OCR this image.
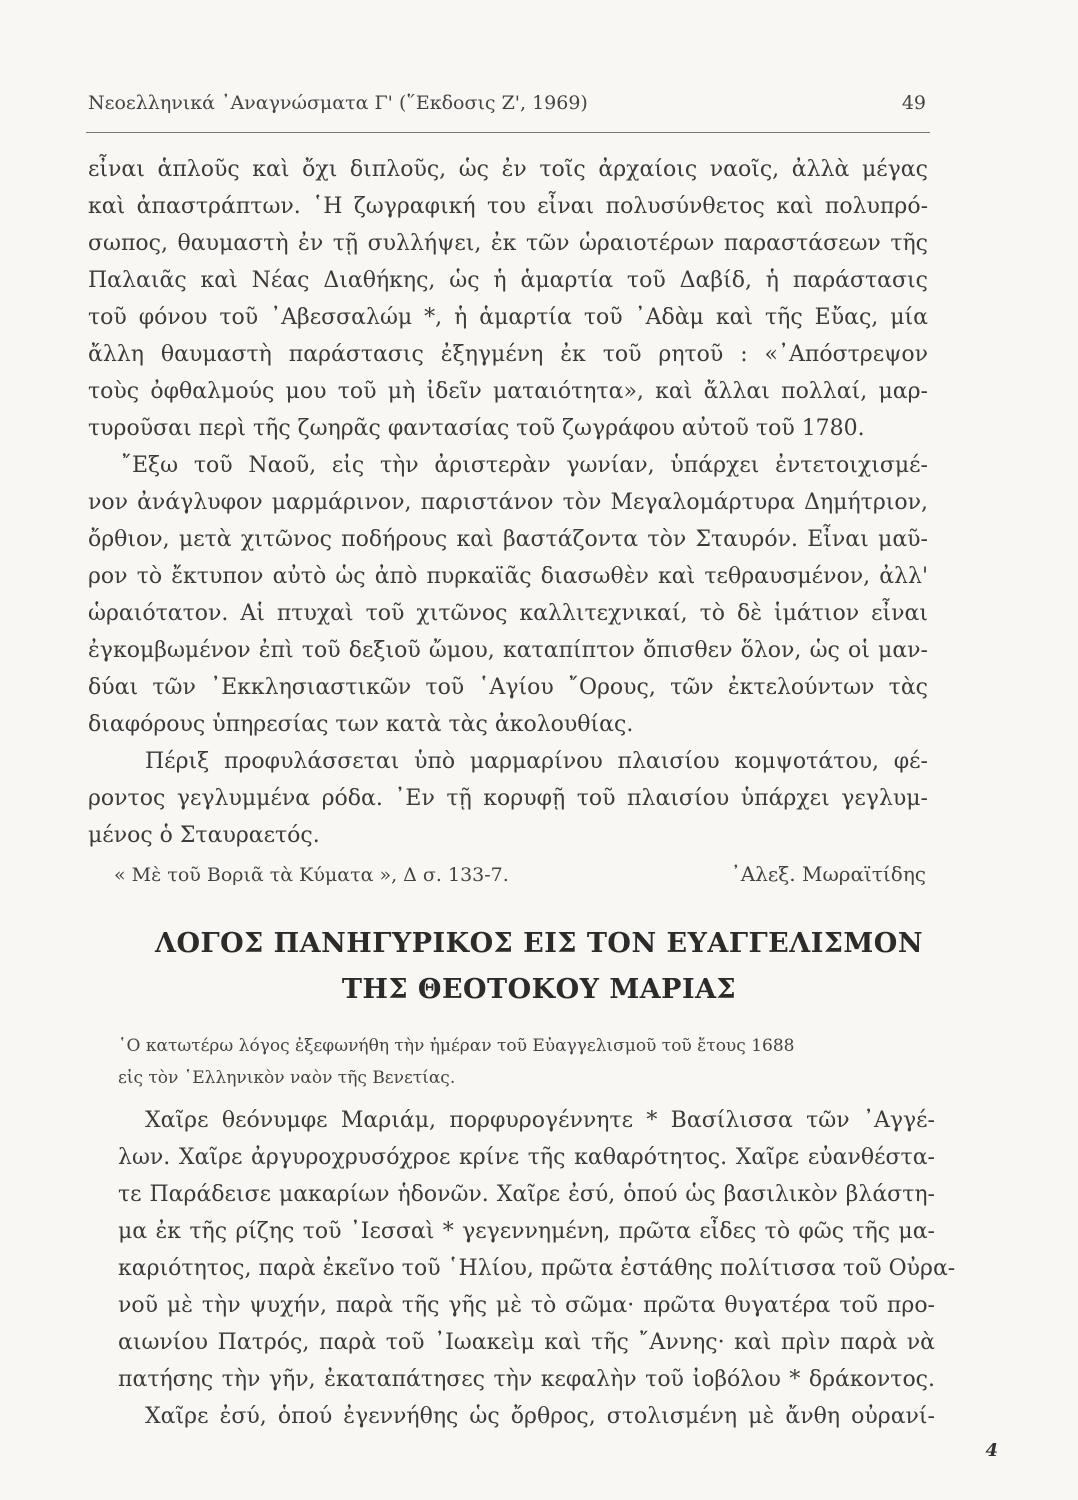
Νεοελληνικά ᾿Αναγνώσματα Γ' (῞Εκδοσις Ζ', 1969)	49
εἶναι ἁπλοῦς καὶ ὄχι διπλοῦς, ὡς ἐν τοῖς ἀρχαίοις ναοῖς, ἀλλὰ μέγας
καὶ ἀπαστράπτων. ῾Η ζωγραφική του εἶναι πολυσύνθετος καὶ πολυπρό-
σωπος, θαυμαστὴ ἐν τῇ συλλήψει, ἐκ τῶν ὡραιοτέρων παραστάσεων τῆς
Παλαιᾶς καὶ Νέας Διαθήκης, ὡς ἡ ἁμαρτία τοῦ Δαβίδ, ἡ παράστασις
τοῦ φόνου τοῦ ᾿Αβεσσαλώμ *, ἡ ἁμαρτία τοῦ ᾿Αδὰμ καὶ τῆς Εὔας, μία
ἄλλη θαυμαστὴ παράστασις ἐξηγμένη ἐκ τοῦ ρητοῦ : «᾿Απόστρεψον
τοὺς ὀφθαλμούς μου τοῦ μὴ ἰδεῖν ματαιότητα», καὶ ἄλλαι πολλαί, μαρ-
τυροῦσαι περὶ τῆς ζωηρᾶς φαντασίας τοῦ ζωγράφου αὐτοῦ τοῦ 1780.
῎Εξω τοῦ Ναοῦ, εἰς τὴν ἀριστερὰν γωνίαν, ὑπάρχει ἐντετοιχισμέ-
νον ἀνάγλυφον μαρμάρινον, παριστάνον τὸν Μεγαλομάρτυρα Δημήτριον,
ὄρθιον, μετὰ χιτῶνος ποδήρους καὶ βαστάζοντα τὸν Σταυρόν. Εἶναι μαῦ-
ρον τὸ ἔκτυπον αὐτὸ ὡς ἀπὸ πυρκαϊᾶς διασωθὲν καὶ τεθραυσμένον, ἀλλ'
ὡραιότατον. Αἱ πτυχαὶ τοῦ χιτῶνος καλλιτεχνικαί, τὸ δὲ ἱμάτιον εἶναι
ἐγκομβωμένον ἐπὶ τοῦ δεξιοῦ ὤμου, καταπίπτον ὄπισθεν ὅλον, ὡς οἱ μαν-
δύαι τῶν ᾿Εκκλησιαστικῶν τοῦ ῾Αγίου ῎Ορους, τῶν ἐκτελούντων τὰς
διαφόρους ὑπηρεσίας των κατὰ τὰς ἀκολουθίας.
Πέριξ προφυλάσσεται ὑπὸ μαρμαρίνου πλαισίου κομψοτάτου, φέ-
ροντος γεγλυμμένα ρόδα. ᾿Εν τῇ κορυφῇ τοῦ πλαισίου ὑπάρχει γεγλυμ-
μένος ὁ Σταυραετός.
« Μὲ τοῦ Βοριᾶ τὰ Κύματα », Δ σ. 133-7.	᾿Αλεξ. Μωραϊτίδης
ΛΟΓΟΣ ΠΑΝΗΓΥΡΙΚΟΣ ΕΙΣ ΤΟΝ ΕΥΑΓΓΕΛΙΣΜΟΝ
ΤΗΣ ΘΕΟΤΟΚΟΥ ΜΑΡΙΑΣ
῾Ο κατωτέρω λόγος ἐξεφωνήθη τὴν ἡμέραν τοῦ Εὐαγγελισμοῦ τοῦ ἔτους 1688
εἰς τὸν ῾Ελληνικὸν ναὸν τῆς Βενετίας.
Χαῖρε θεόνυμφε Μαριάμ, πορφυρογέννητε * Βασίλισσα τῶν ᾿Αγγέ-
λων. Χαῖρε ἀργυροχρυσόχροε κρίνε τῆς καθαρότητος. Χαῖρε εὐανθέστα-
τε Παράδεισε μακαρίων ἡδονῶν. Χαῖρε ἐσύ, ὁπού ὡς βασιλικὸν βλάστη-
μα ἐκ τῆς ρίζης τοῦ ᾿Ιεσσαὶ * γεγεννημένη, πρῶτα εἶδες τὸ φῶς τῆς μα-
καριότητος, παρὰ ἐκεῖνο τοῦ ῾Ηλίου, πρῶτα ἐστάθης πολίτισσα τοῦ Οὐρα-
νοῦ μὲ τὴν ψυχήν, παρὰ τῆς γῆς μὲ τὸ σῶμα· πρῶτα θυγατέρα τοῦ προ-
αιωνίου Πατρός, παρὰ τοῦ ᾿Ιωακεὶμ καὶ τῆς ῎Αννης· καὶ πρὶν παρὰ νὰ
πατήσης τὴν γῆν, ἐκαταπάτησες τὴν κεφαλὴν τοῦ ἰοβόλου * δράκοντος.
Χαῖρε ἐσύ, ὁπού ἐγεννήθης ὡς ὄρθρος, στολισμένη μὲ ἄνθη οὐρανί-
4
